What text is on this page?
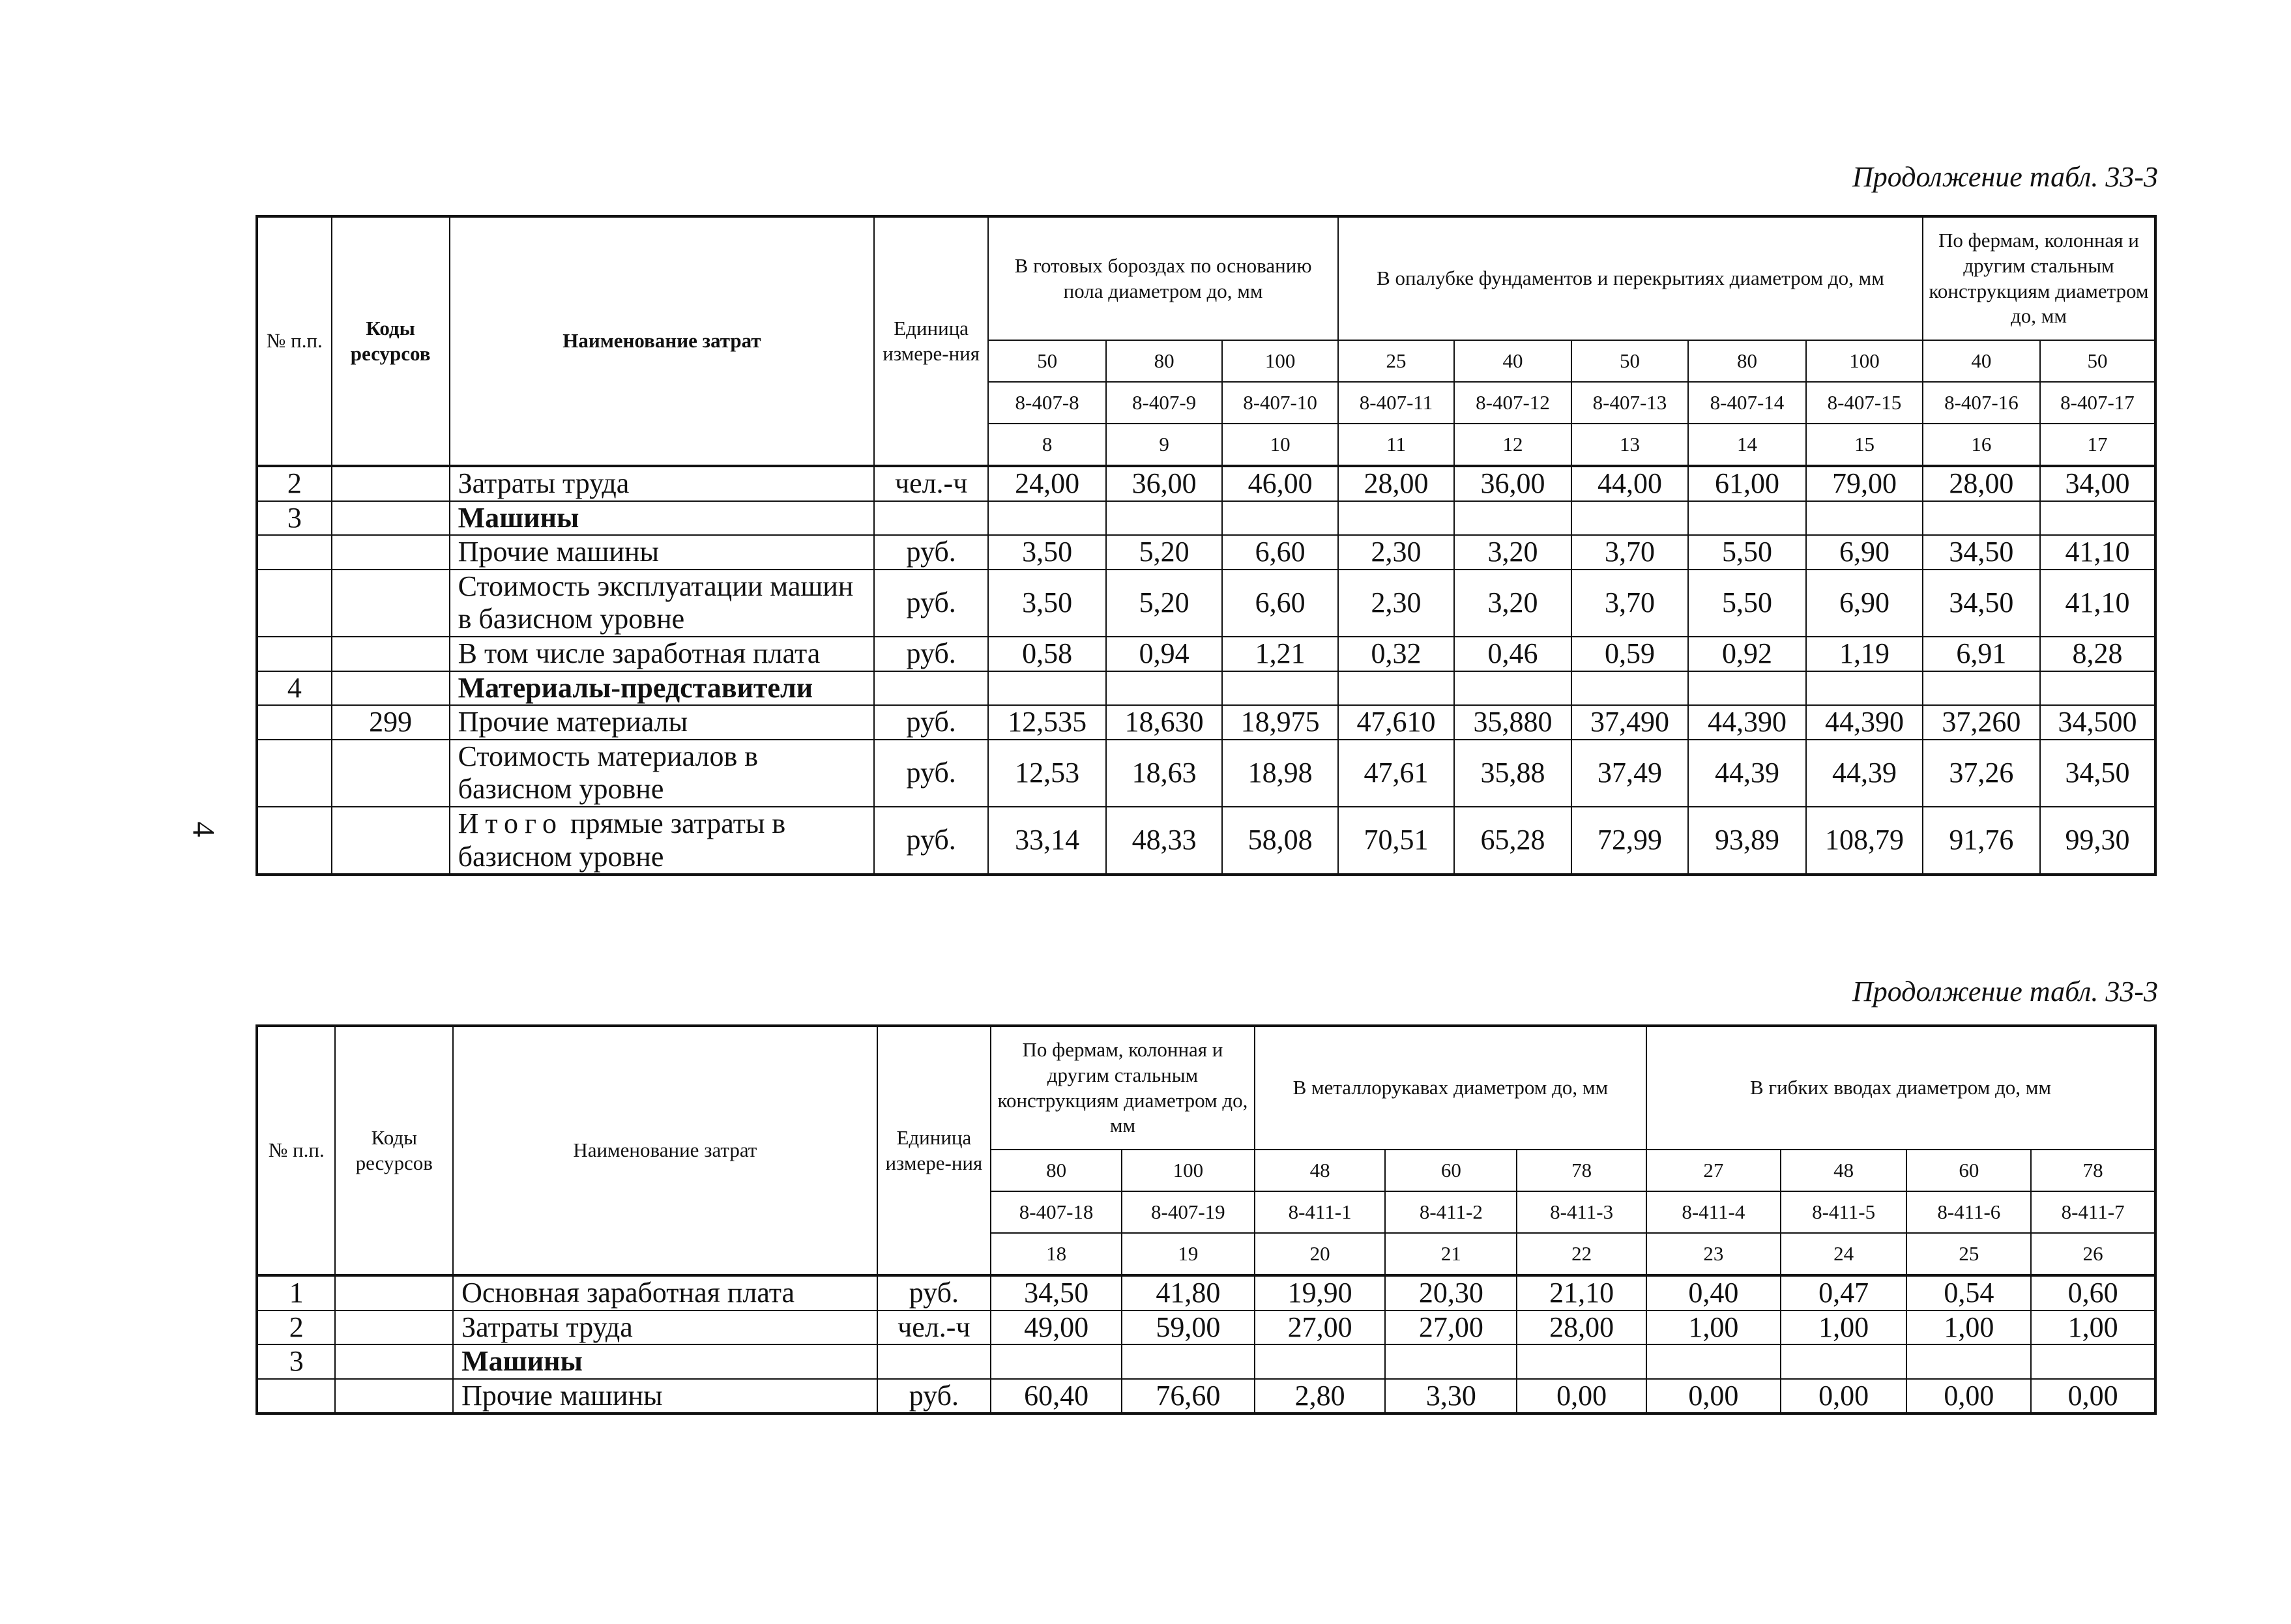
Продолжение табл. 33-3
4
№ п.п.	Коды ресурсов	Наименование затрат	Единица измере-ния	В готовых бороздах по основанию пола диаметром до, мм			В опалубке фундаментов и перекрытиях диаметром до, мм					По фермам, колонная и другим стальным конструкциям диаметром до, мм	
				50	80	100	25	40	50	80	100	40	50
				8-407-8	8-407-9	8-407-10	8-407-11	8-407-12	8-407-13	8-407-14	8-407-15	8-407-16	8-407-17
				8	9	10	11	12	13	14	15	16	17
2		Затраты труда	чел.-ч	24,00	36,00	46,00	28,00	36,00	44,00	61,00	79,00	28,00	34,00
3		Машины											
		Прочие машины	руб.	3,50	5,20	6,60	2,30	3,20	3,70	5,50	6,90	34,50	41,10
		Стоимость эксплуатации машин в базисном уровне	руб.	3,50	5,20	6,60	2,30	3,20	3,70	5,50	6,90	34,50	41,10
		В том числе заработная плата	руб.	0,58	0,94	1,21	0,32	0,46	0,59	0,92	1,19	6,91	8,28
4		Материалы-представители											
	299	Прочие материалы	руб.	12,535	18,630	18,975	47,610	35,880	37,490	44,390	44,390	37,260	34,500
		Стоимость материалов в базисном уровне	руб.	12,53	18,63	18,98	47,61	35,88	37,49	44,39	44,39	37,26	34,50
		Итого прямые затраты в базисном уровне	руб.	33,14	48,33	58,08	70,51	65,28	72,99	93,89	108,79	91,76	99,30
Продолжение табл. 33-3
№ п.п.	Коды ресурсов	Наименование затрат	Единица измере-ния	По фермам, колонная и другим стальным конструкциям диаметром до, мм		В металлорукавах диаметром до, мм			В гибких вводах диаметром до, мм			
				80	100	48	60	78	27	48	60	78
				8-407-18	8-407-19	8-411-1	8-411-2	8-411-3	8-411-4	8-411-5	8-411-6	8-411-7
				18	19	20	21	22	23	24	25	26
1		Основная заработная плата	руб.	34,50	41,80	19,90	20,30	21,10	0,40	0,47	0,54	0,60
2		Затраты труда	чел.-ч	49,00	59,00	27,00	27,00	28,00	1,00	1,00	1,00	1,00
3		Машины										
		Прочие машины	руб.	60,40	76,60	2,80	3,30	0,00	0,00	0,00	0,00	0,00
